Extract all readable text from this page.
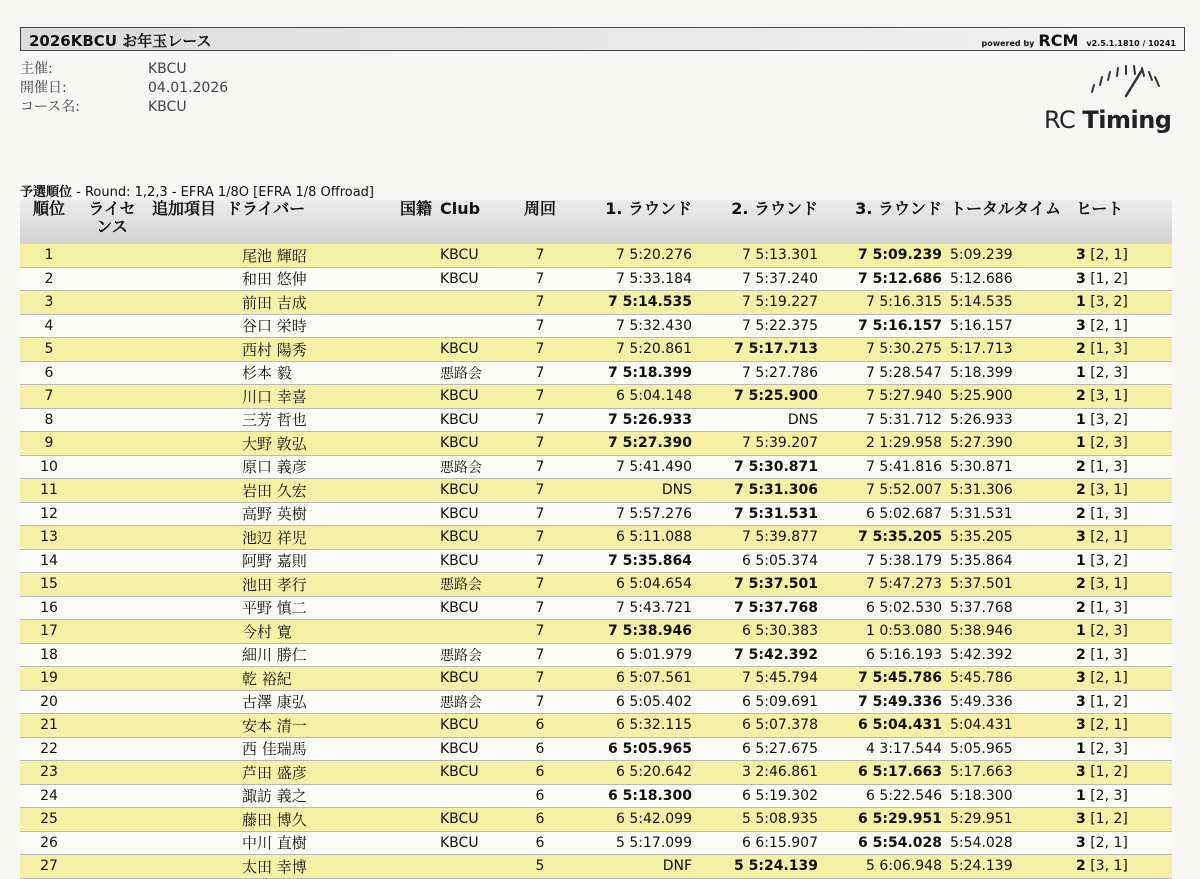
2026KBCU お年玉レース	powered by RCM v2.5.1.1810 / 10241
主催:	KBCU
開催日:	04.01.2026
コース名:	KBCU	RC Timing
予選順位 - Round: 1,2,3 - EFRA 1/8O [EFRA 1/8 Offroad]
順位	ライセンス	追加項目	ドライバー	国籍	Club	周回	1. ラウンド	2. ラウンド	3. ラウンド	トータルタイム	ヒート
1			尾池 輝昭		KBCU	7	7 5:20.276	7 5:13.301	7 5:09.239	5:09.239	3 [2, 1]
2			和田 悠伸		KBCU	7	7 5:33.184	7 5:37.240	7 5:12.686	5:12.686	3 [1, 2]
3			前田 吉成			7	7 5:14.535	7 5:19.227	7 5:16.315	5:14.535	1 [3, 2]
4			谷口 栄時			7	7 5:32.430	7 5:22.375	7 5:16.157	5:16.157	3 [2, 1]
5			西村 陽秀		KBCU	7	7 5:20.861	7 5:17.713	7 5:30.275	5:17.713	2 [1, 3]
6			杉本 毅		悪路会	7	7 5:18.399	7 5:27.786	7 5:28.547	5:18.399	1 [2, 3]
7			川口 幸喜		KBCU	7	6 5:04.148	7 5:25.900	7 5:27.940	5:25.900	2 [3, 1]
8			三芳 哲也		KBCU	7	7 5:26.933	DNS	7 5:31.712	5:26.933	1 [3, 2]
9			大野 敦弘		KBCU	7	7 5:27.390	7 5:39.207	2 1:29.958	5:27.390	1 [2, 3]
10			原口 義彦		悪路会	7	7 5:41.490	7 5:30.871	7 5:41.816	5:30.871	2 [1, 3]
11			岩田 久宏		KBCU	7	DNS	7 5:31.306	7 5:52.007	5:31.306	2 [3, 1]
12			高野 英樹		KBCU	7	7 5:57.276	7 5:31.531	6 5:02.687	5:31.531	2 [1, 3]
13			池辺 祥児		KBCU	7	6 5:11.088	7 5:39.877	7 5:35.205	5:35.205	3 [2, 1]
14			阿野 嘉則		KBCU	7	7 5:35.864	6 5:05.374	7 5:38.179	5:35.864	1 [3, 2]
15			池田 孝行		悪路会	7	6 5:04.654	7 5:37.501	7 5:47.273	5:37.501	2 [3, 1]
16			平野 慎二		KBCU	7	7 5:43.721	7 5:37.768	6 5:02.530	5:37.768	2 [1, 3]
17			今村 寛			7	7 5:38.946	6 5:30.383	1 0:53.080	5:38.946	1 [2, 3]
18			細川 勝仁		悪路会	7	6 5:01.979	7 5:42.392	6 5:16.193	5:42.392	2 [1, 3]
19			乾 裕紀		KBCU	7	6 5:07.561	7 5:45.794	7 5:45.786	5:45.786	3 [2, 1]
20			古澤 康弘		悪路会	7	6 5:05.402	6 5:09.691	7 5:49.336	5:49.336	3 [1, 2]
21			安本 清一		KBCU	6	6 5:32.115	6 5:07.378	6 5:04.431	5:04.431	3 [2, 1]
22			西 佳瑞馬		KBCU	6	6 5:05.965	6 5:27.675	4 3:17.544	5:05.965	1 [2, 3]
23			芦田 盛彦		KBCU	6	6 5:20.642	3 2:46.861	6 5:17.663	5:17.663	3 [1, 2]
24			諏訪 義之			6	6 5:18.300	6 5:19.302	6 5:22.546	5:18.300	1 [2, 3]
25			藤田 博久		KBCU	6	6 5:42.099	5 5:08.935	6 5:29.951	5:29.951	3 [1, 2]
26			中川 直樹		KBCU	6	5 5:17.099	6 6:15.907	6 5:54.028	5:54.028	3 [2, 1]
27			太田 幸博			5	DNF	5 5:24.139	5 6:06.948	5:24.139	2 [3, 1]
